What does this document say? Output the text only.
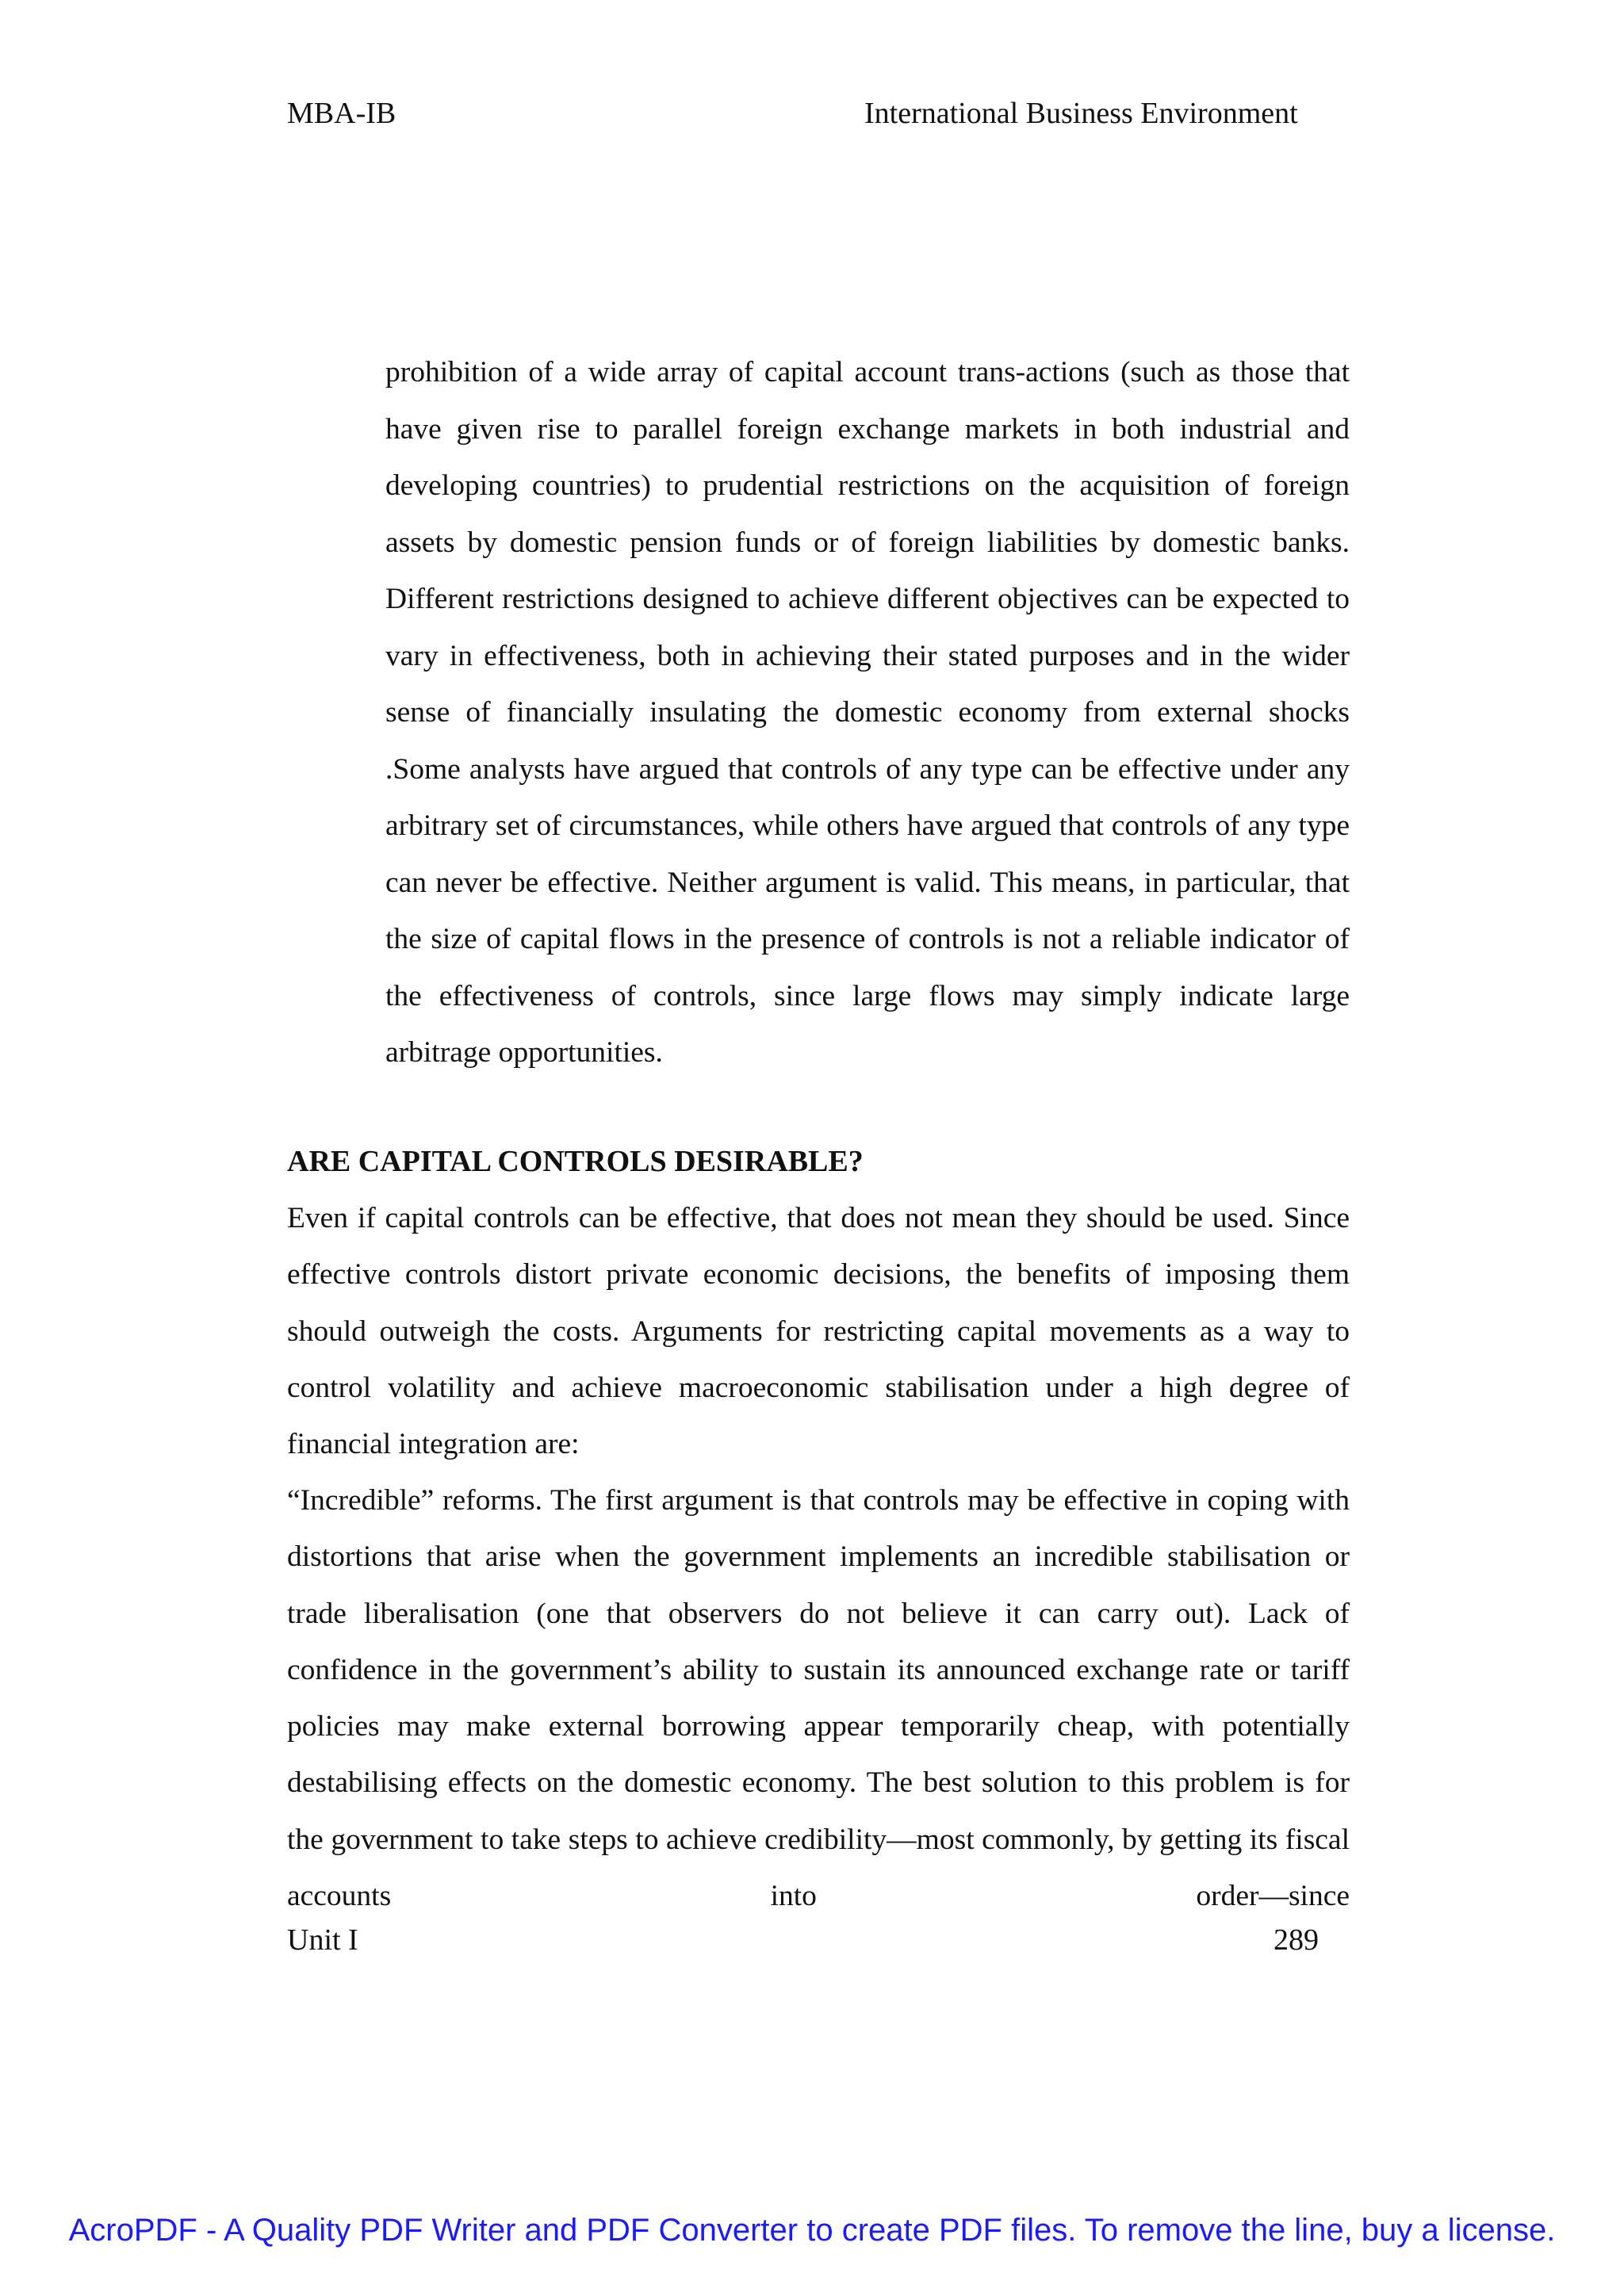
MBA-IB	International Business Environment

prohibition of a wide array of capital account trans-actions (such as those that have given rise to parallel foreign exchange markets in both industrial and developing countries) to prudential restrictions on the acquisition of foreign assets by domestic pension funds or of foreign liabilities by domestic banks. Different restrictions designed to achieve different objectives can be expected to vary in effectiveness, both in achieving their stated purposes and in the wider sense of financially insulating the domestic economy from external shocks .Some analysts have argued that controls of any type can be effective under any arbitrary set of circumstances, while others have argued that controls of any type can never be effective. Neither argument is valid. This means, in particular, that the size of capital flows in the presence of controls is not a reliable indicator of the effectiveness of controls, since large flows may simply indicate large arbitrage opportunities.

ARE CAPITAL CONTROLS DESIRABLE?

Even if capital controls can be effective, that does not mean they should be used. Since effective controls distort private economic decisions, the benefits of imposing them should outweigh the costs. Arguments for restricting capital movements as a way to control volatility and achieve macroeconomic stabilisation under a high degree of financial integration are:

“Incredible” reforms. The first argument is that controls may be effective in coping with distortions that arise when the government implements an incredible stabilisation or trade liberalisation (one that observers do not believe it can carry out). Lack of confidence in the government’s ability to sustain its announced exchange rate or tariff policies may make external borrowing appear temporarily cheap, with potentially destabilising effects on the domestic economy. The best solution to this problem is for the government to take steps to achieve credibility—most commonly, by getting its fiscal accounts into order—since

Unit I	289
AcroPDF - A Quality PDF Writer and PDF Converter to create PDF files. To remove the line, buy a license.
